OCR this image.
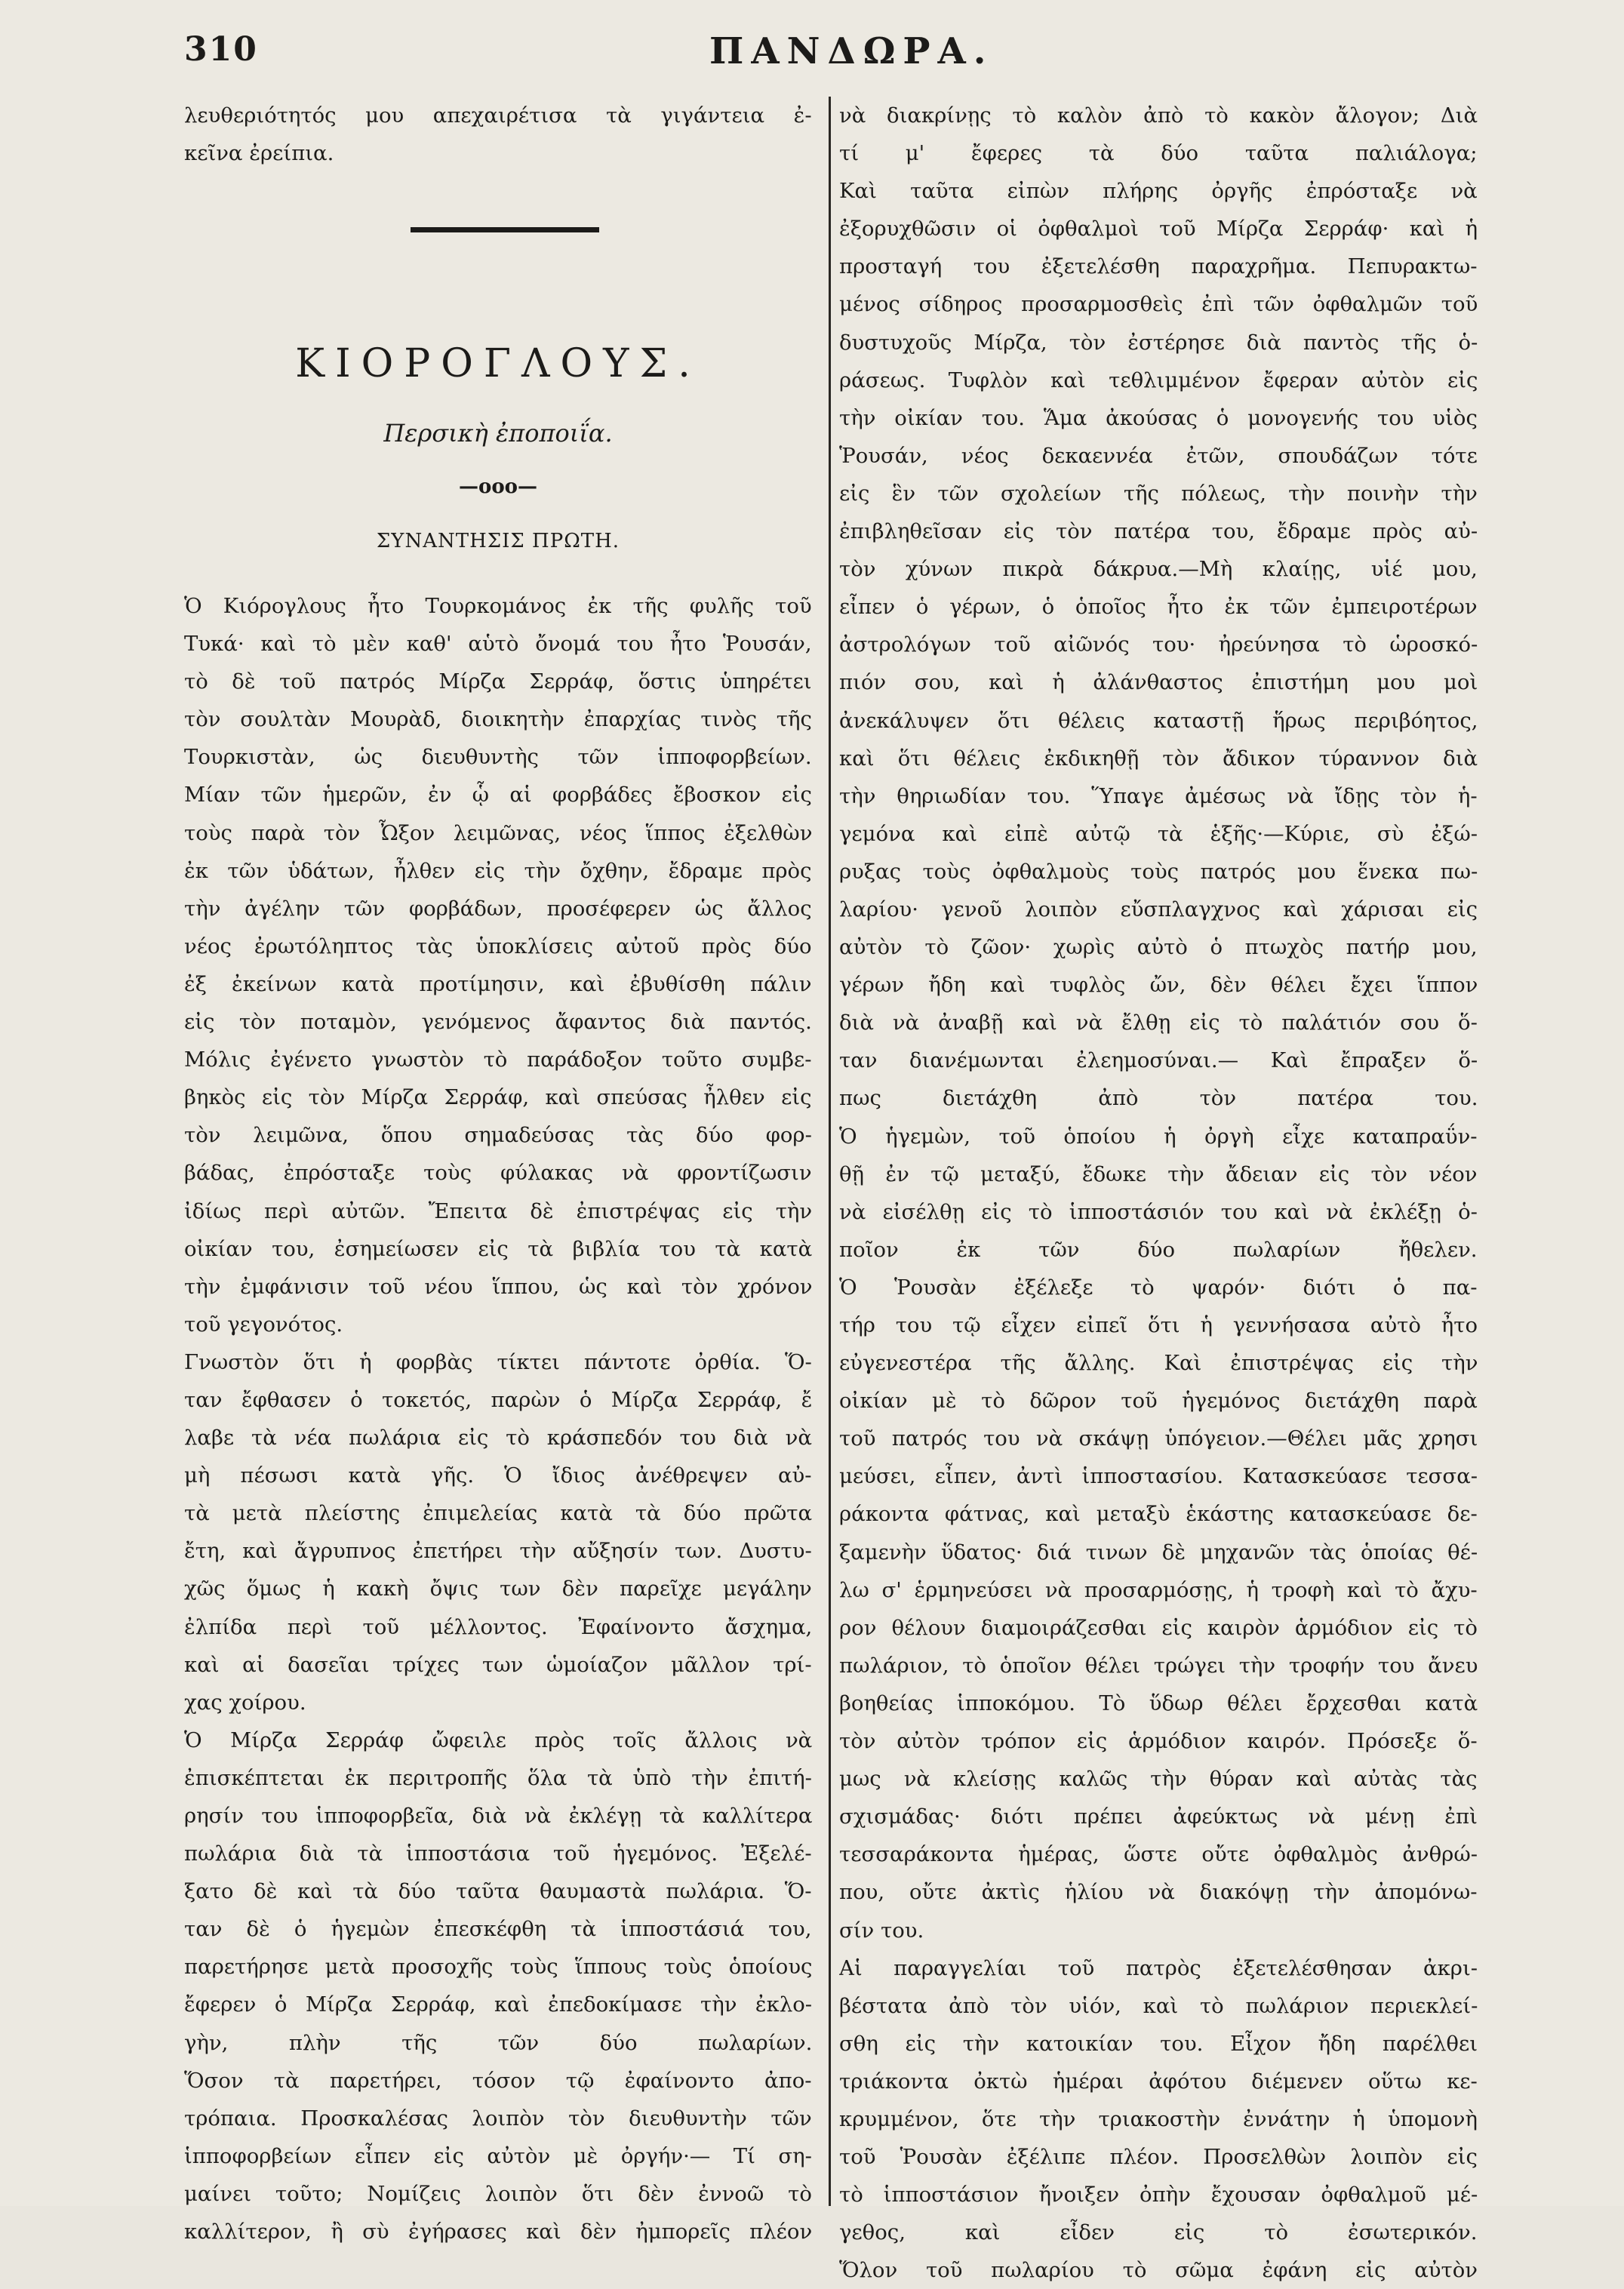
310	ΠΑΝΔΩΡΑ.
λευθεριότητός μου απεχαιρέτισα τὰ γιγάντεια ἐ-
κεῖνα ἐρείπια.
ΚΙΟΡΟΓΛΟΥΣ.
Περσικὴ ἐποποιΐα.
—ooo—
ΣΥΝΑΝΤΗΣΙΣ ΠΡΩΤΗ.
Ὁ Κιόρογλους ἦτο Τουρκομάνος ἐκ τῆς φυλῆς τοῦ
Τυκά· καὶ τὸ μὲν καθ' αὑτὸ ὄνομά του ἦτο Ῥουσάν,
τὸ δὲ τοῦ πατρός Μίρζα Σερράφ, ὅστις ὑπηρέτει
τὸν σουλτὰν Μουρὰδ, διοικητὴν ἐπαρχίας τινὸς τῆς
Τουρκιστὰν, ὡς διευθυντὴς τῶν ἱπποφορβείων.
Μίαν τῶν ἡμερῶν, ἐν ᾧ αἱ φορβάδες ἔβοσκον εἰς
τοὺς παρὰ τὸν Ὦξον λειμῶνας, νέος ἵππος ἐξελθὼν
ἐκ τῶν ὑδάτων, ἦλθεν εἰς τὴν ὄχθην, ἔδραμε πρὸς
τὴν ἀγέλην τῶν φορβάδων, προσέφερεν ὡς ἄλλος
νέος ἐρωτόληπτος τὰς ὑποκλίσεις αὐτοῦ πρὸς δύο
ἐξ ἐκείνων κατὰ προτίμησιν, καὶ ἐβυθίσθη πάλιν
εἰς τὸν ποταμὸν, γενόμενος ἄφαντος διὰ παντός.
Μόλις ἐγένετο γνωστὸν τὸ παράδοξον τοῦτο συμβε-
βηκὸς εἰς τὸν Μίρζα Σερράφ, καὶ σπεύσας ἦλθεν εἰς
τὸν λειμῶνα, ὅπου σημαδεύσας τὰς δύο φορ-
βάδας, ἐπρόσταξε τοὺς φύλακας νὰ φροντίζωσιν
ἰδίως περὶ αὐτῶν. Ἔπειτα δὲ ἐπιστρέψας εἰς τὴν
οἰκίαν του, ἐσημείωσεν εἰς τὰ βιβλία του τὰ κατὰ
τὴν ἐμφάνισιν τοῦ νέου ἵππου, ὡς καὶ τὸν χρόνον
τοῦ γεγονότος.
Γνωστὸν ὅτι ἡ φορβὰς τίκτει πάντοτε ὀρθία. Ὅ-
ταν ἔφθασεν ὁ τοκετός, παρὼν ὁ Μίρζα Σερράφ, ἔ
λαβε τὰ νέα πωλάρια εἰς τὸ κράσπεδόν του διὰ νὰ
μὴ πέσωσι κατὰ γῆς. Ὁ ἴδιος ἀνέθρεψεν αὐ-
τὰ μετὰ πλείστης ἐπιμελείας κατὰ τὰ δύο πρῶτα
ἔτη, καὶ ἄγρυπνος ἐπετήρει τὴν αὔξησίν των. Δυστυ-
χῶς ὅμως ἡ κακὴ ὄψις των δὲν παρεῖχε μεγάλην
ἐλπίδα περὶ τοῦ μέλλοντος. Ἐφαίνοντο ἄσχημα,
καὶ αἱ δασεῖαι τρίχες των ὡμοίαζον μᾶλλον τρί-
χας χοίρου.
Ὁ Μίρζα Σερράφ ὤφειλε πρὸς τοῖς ἄλλοις νὰ
ἐπισκέπτεται ἐκ περιτροπῆς ὅλα τὰ ὑπὸ τὴν ἐπιτή-
ρησίν του ἱπποφορβεῖα, διὰ νὰ ἐκλέγῃ τὰ καλλίτερα
πωλάρια διὰ τὰ ἱπποστάσια τοῦ ἡγεμόνος. Ἐξελέ-
ξατο δὲ καὶ τὰ δύο ταῦτα θαυμαστὰ πωλάρια. Ὅ-
ταν δὲ ὁ ἡγεμὼν ἐπεσκέφθη τὰ ἱπποστάσιά του,
παρετήρησε μετὰ προσοχῆς τοὺς ἵππους τοὺς ὁποίους
ἔφερεν ὁ Μίρζα Σερράφ, καὶ ἐπεδοκίμασε τὴν ἐκλο-
γὴν, πλὴν τῆς τῶν δύο πωλαρίων.
Ὅσον τὰ παρετήρει, τόσον τῷ ἐφαίνοντο ἀπο-
τρόπαια. Προσκαλέσας λοιπὸν τὸν διευθυντὴν τῶν
ἱπποφορβείων εἶπεν εἰς αὐτὸν μὲ ὀργήν·— Τί ση-
μαίνει τοῦτο; Νομίζεις λοιπὸν ὅτι δὲν ἐννοῶ τὸ
καλλίτερον, ἢ σὺ ἐγήρασες καὶ δὲν ἠμπορεῖς πλέον
νὰ διακρίνῃς τὸ καλὸν ἀπὸ τὸ κακὸν ἄλογον; Διὰ
τί μ' ἔφερες τὰ δύο ταῦτα παλιάλογα;
Καὶ ταῦτα εἰπὼν πλήρης ὀργῆς ἐπρόσταξε νὰ
ἐξορυχθῶσιν οἱ ὀφθαλμοὶ τοῦ Μίρζα Σερράφ· καὶ ἡ
προσταγή του ἐξετελέσθη παραχρῆμα. Πεπυρακτω-
μένος σίδηρος προσαρμοσθεὶς ἐπὶ τῶν ὀφθαλμῶν τοῦ
δυστυχοῦς Μίρζα, τὸν ἐστέρησε διὰ παντὸς τῆς ὁ-
ράσεως. Τυφλὸν καὶ τεθλιμμένον ἔφεραν αὐτὸν εἰς
τὴν οἰκίαν του. Ἅμα ἀκούσας ὁ μονογενής του υἱὸς
Ῥουσάν, νέος δεκαεννέα ἐτῶν, σπουδάζων τότε
εἰς ἓν τῶν σχολείων τῆς πόλεως, τὴν ποινὴν τὴν
ἐπιβληθεῖσαν εἰς τὸν πατέρα του, ἔδραμε πρὸς αὐ-
τὸν χύνων πικρὰ δάκρυα.—Μὴ κλαίῃς, υἱέ μου,
εἶπεν ὁ γέρων, ὁ ὁποῖος ἦτο ἐκ τῶν ἐμπειροτέρων
ἀστρολόγων τοῦ αἰῶνός του· ἠρεύνησα τὸ ὡροσκό-
πιόν σου, καὶ ἡ ἀλάνθαστος ἐπιστήμη μου μοὶ
ἀνεκάλυψεν ὅτι θέλεις καταστῇ ἥρως περιβόητος,
καὶ ὅτι θέλεις ἐκδικηθῇ τὸν ἄδικον τύραννον διὰ
τὴν θηριωδίαν του. Ὕπαγε ἀμέσως νὰ ἴδῃς τὸν ἡ-
γεμόνα καὶ εἰπὲ αὐτῷ τὰ ἑξῆς·—Κύριε, σὺ ἐξώ-
ρυξας τοὺς ὀφθαλμοὺς τοὺς πατρός μου ἕνεκα πω-
λαρίου· γενοῦ λοιπὸν εὔσπλαγχνος καὶ χάρισαι εἰς
αὐτὸν τὸ ζῶον· χωρὶς αὐτὸ ὁ πτωχὸς πατήρ μου,
γέρων ἤδη καὶ τυφλὸς ὤν, δὲν θέλει ἔχει ἵππον
διὰ νὰ ἀναβῇ καὶ νὰ ἔλθῃ εἰς τὸ παλάτιόν σου ὅ-
ταν διανέμωνται ἐλεημοσύναι.— Καὶ ἔπραξεν ὅ-
πως διετάχθη ἀπὸ τὸν πατέρα του.
Ὁ ἡγεμὼν, τοῦ ὁποίου ἡ ὀργὴ εἶχε καταπραΰν-
θῇ ἐν τῷ μεταξύ, ἔδωκε τὴν ἄδειαν εἰς τὸν νέον
νὰ εἰσέλθῃ εἰς τὸ ἱπποστάσιόν του καὶ νὰ ἐκλέξῃ ὁ-
ποῖον ἐκ τῶν δύο πωλαρίων ἤθελεν.
Ὁ Ῥουσὰν ἐξέλεξε τὸ ψαρόν· διότι ὁ πα-
τήρ του τῷ εἶχεν εἰπεῖ ὅτι ἡ γεννήσασα αὐτὸ ἦτο
εὐγενεστέρα τῆς ἄλλης. Καὶ ἐπιστρέψας εἰς τὴν
οἰκίαν μὲ τὸ δῶρον τοῦ ἡγεμόνος διετάχθη παρὰ
τοῦ πατρός του νὰ σκάψῃ ὑπόγειον.—Θέλει μᾶς χρησι
μεύσει, εἶπεν, ἀντὶ ἱπποστασίου. Κατασκεύασε τεσσα-
ράκοντα φάτνας, καὶ μεταξὺ ἑκάστης κατασκεύασε δε-
ξαμενὴν ὕδατος· διά τινων δὲ μηχανῶν τὰς ὁποίας θέ-
λω σ' ἑρμηνεύσει νὰ προσαρμόσῃς, ἡ τροφὴ καὶ τὸ ἄχυ-
ρον θέλουν διαμοιράζεσθαι εἰς καιρὸν ἁρμόδιον εἰς τὸ
πωλάριον, τὸ ὁποῖον θέλει τρώγει τὴν τροφήν του ἄνευ
βοηθείας ἱπποκόμου. Τὸ ὕδωρ θέλει ἔρχεσθαι κατὰ
τὸν αὐτὸν τρόπον εἰς ἁρμόδιον καιρόν. Πρόσεξε ὅ-
μως νὰ κλείσῃς καλῶς τὴν θύραν καὶ αὐτὰς τὰς
σχισμάδας· διότι πρέπει ἀφεύκτως νὰ μένῃ ἐπὶ
τεσσαράκοντα ἡμέρας, ὥστε οὔτε ὀφθαλμὸς ἀνθρώ-
που, οὔτε ἀκτὶς ἡλίου νὰ διακόψῃ τὴν ἀπομόνω-
σίν του.
Αἱ παραγγελίαι τοῦ πατρὸς ἐξετελέσθησαν ἀκρι-
βέστατα ἀπὸ τὸν υἱόν, καὶ τὸ πωλάριον περιεκλεί-
σθη εἰς τὴν κατοικίαν του. Εἶχον ἤδη παρέλθει
τριάκοντα ὀκτὼ ἡμέραι ἀφότου διέμενεν οὕτω κε-
κρυμμένον, ὅτε τὴν τριακοστὴν ἐννάτην ἡ ὑπομονὴ
τοῦ Ῥουσὰν ἐξέλιπε πλέον. Προσελθὼν λοιπὸν εἰς
τὸ ἱπποστάσιον ἤνοιξεν ὀπὴν ἔχουσαν ὀφθαλμοῦ μέ-
γεθος, καὶ εἶδεν εἰς τὸ ἐσωτερικόν.
Ὅλον τοῦ πωλαρίου τὸ σῶμα ἐφάνη εἰς αὐτὸν
